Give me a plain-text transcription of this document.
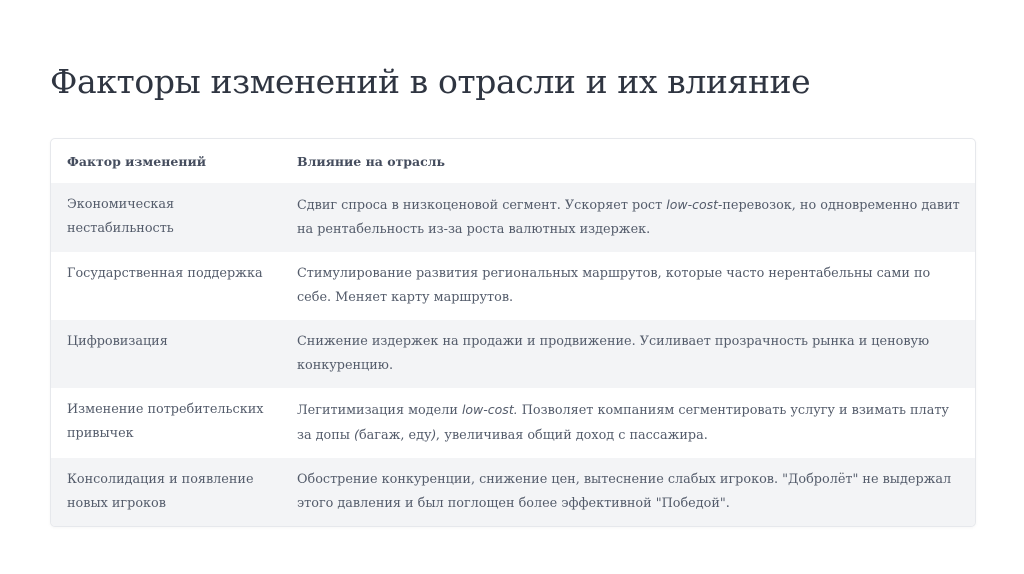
Факторы изменений в отрасли и их влияние
Фактор изменений	Влияние на отрасль
Экономическая нестабильность	Сдвиг спроса в низкоценовой сегмент. Ускоряет рост low-cost-перевозок, но одновременно давит на рентабельность из-за роста валютных издержек.
Государственная поддержка	Стимулирование развития региональных маршрутов, которые часто нерентабельны сами по себе. Меняет карту маршрутов.
Цифровизация	Снижение издержек на продажи и продвижение. Усиливает прозрачность рынка и ценовую конкуренцию.
Изменение потребительских привычек	Легитимизация модели low-cost. Позволяет компаниям сегментировать услугу и взимать плату за допы (багаж, еду), увеличивая общий доход с пассажира.
Консолидация и появление новых игроков	Обострение конкуренции, снижение цен, вытеснение слабых игроков. "Добролёт" не выдержал этого давления и был поглощен более эффективной "Победой".
